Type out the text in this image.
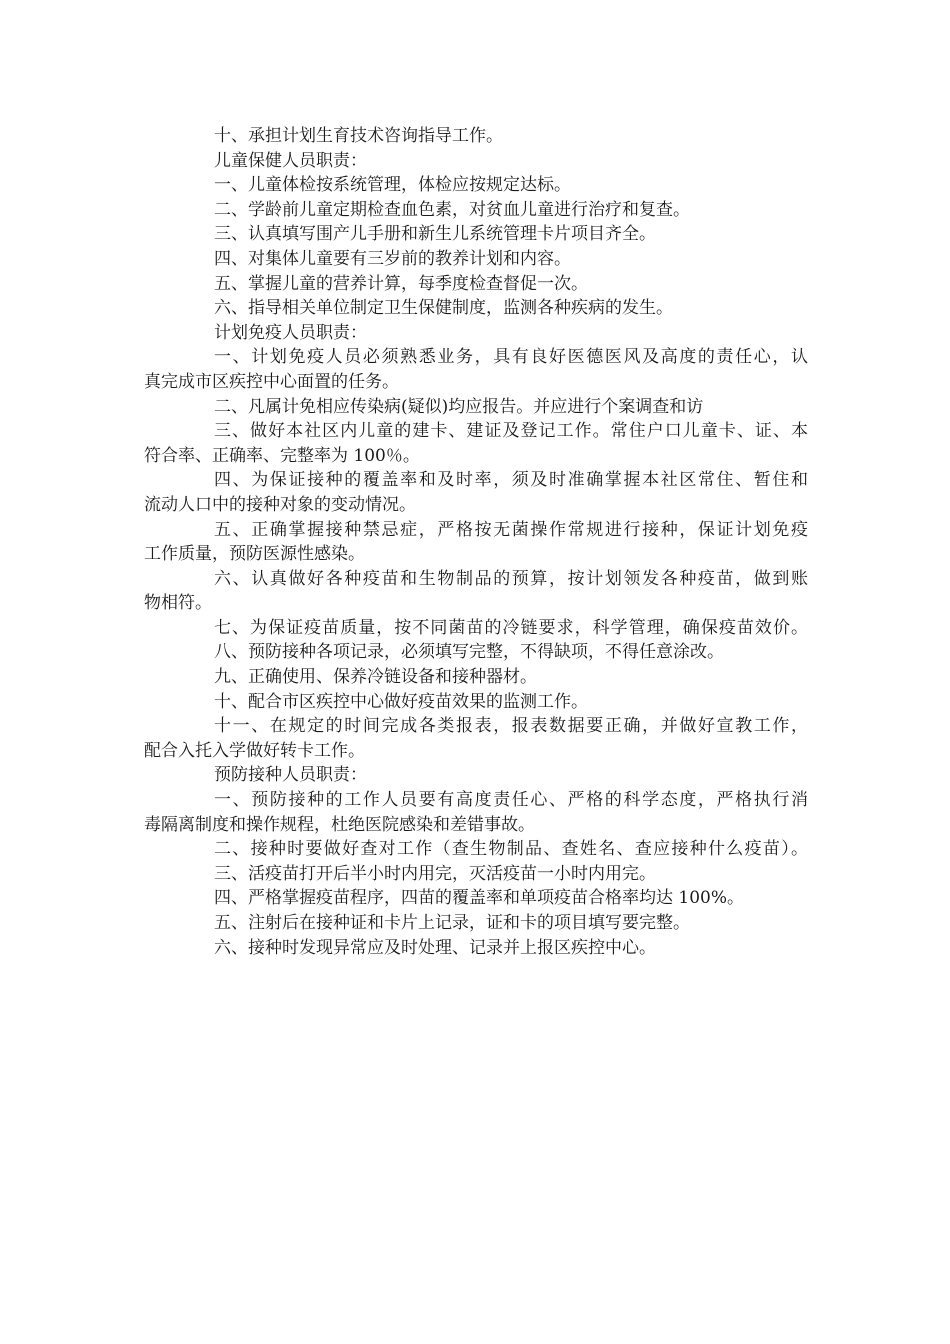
十、承担计划生育技术咨询指导工作。
儿童保健人员职责：
一、儿童体检按系统管理，体检应按规定达标。
二、学龄前儿童定期检查血色素，对贫血儿童进行治疗和复查。
三、认真填写围产儿手册和新生儿系统管理卡片项目齐全。
四、对集体儿童要有三岁前的教养计划和内容。
五、掌握儿童的营养计算，每季度检查督促一次。
六、指导相关单位制定卫生保健制度，监测各种疾病的发生。
计划免疫人员职责：
一、计划免疫人员必须熟悉业务，具有良好医德医风及高度的责任心，认
真完成市区疾控中心面置的任务。
二、凡属计免相应传染病(疑似)均应报告。并应进行个案调查和访
三、做好本社区内儿童的建卡、建证及登记工作。常住户口儿童卡、证、本
符合率、正确率、完整率为 100％。
四、为保证接种的覆盖率和及时率，须及时准确掌握本社区常住、暂住和
流动人口中的接种对象的变动情况。
五、正确掌握接种禁忌症，严格按无菌操作常规进行接种，保证计划免疫
工作质量，预防医源性感染。
六、认真做好各种疫苗和生物制品的预算，按计划领发各种疫苗，做到账
物相符。
七、为保证疫苗质量，按不同菌苗的冷链要求，科学管理，确保疫苗效价。
八、预防接种各项记录，必须填写完整，不得缺项，不得任意涂改。
九、正确使用、保养冷链设备和接种器材。
十、配合市区疾控中心做好疫苗效果的监测工作。
十一、在规定的时间完成各类报表，报表数据要正确，并做好宣教工作，
配合入托入学做好转卡工作。
预防接种人员职责：
一、预防接种的工作人员要有高度责任心、严格的科学态度，严格执行消
毒隔离制度和操作规程，杜绝医院感染和差错事故。
二、接种时要做好查对工作（查生物制品、查姓名、查应接种什么疫苗）。
三、活疫苗打开后半小时内用完，灭活疫苗一小时内用完。
四、严格掌握疫苗程序，四苗的覆盖率和单项疫苗合格率均达 100%。
五、注射后在接种证和卡片上记录，证和卡的项目填写要完整。
六、接种时发现异常应及时处理、记录并上报区疾控中心。
